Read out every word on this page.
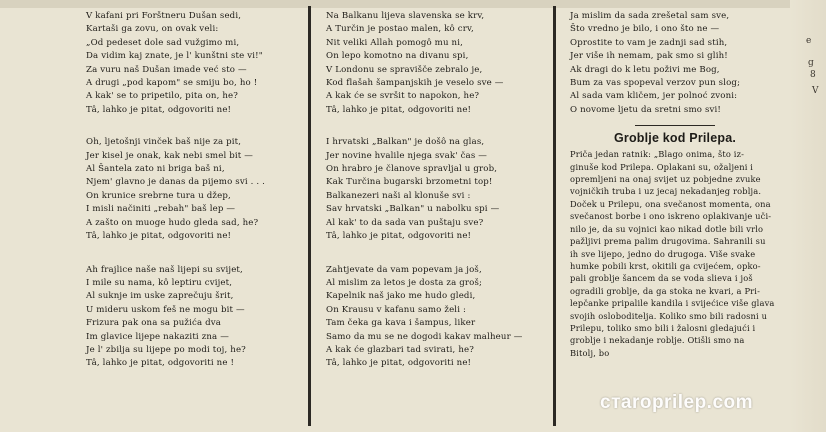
V kafani pri Forštneru Dušan sedi,
Kartaši ga zovu, on ovak veli:
„Od pedeset dole sad vužgimo mi,
Da vidim kaj znate, je l' kunštni ste vi!"
Za vuru naš Dušan imade već sto —
A drugi „pod kapom" se smiju bo, ho !
A kak' se to pripetilo, pita on, he?
Tâ, lahko je pitat, odgovoriti ne!
Oh, ljetošnji vinček baš nije za pit,
Jer kisel je onak, kak nebi smel bit —
Al Šantela zato ni briga baš ni,
Njem' glavno je danas da pijemo svi . . .
On krunice srebrne tura u džep,
I misli načiniti „rebah" baš lep —
A zašto on muoge hudo gleda sad, he?
Tâ, lahko je pitat, odgovoriti ne!
Ah frajlice naše naš lijepi su svijet,
I mile su nama, kô leptiru cvijet,
Al suknje im uske zaprečuju šrit,
U mideru uskom feš ne mogu bit —
Frizura pak ona sa pužića dva
Im glavice lijepe nakaziti zna —
Je l' zbilja su lijepe po modi toj, he?
Tâ, lahko je pitat, odgovoriti ne !
Na Balkanu lijeva slavenska se krv,
A Turčin je postao malen, kô crv,
Nit veliki Allah pomogô mu ni,
On lepo komotno na divanu spi,
V Londonu se spravišče zebralo je,
Kod flašah šampanjskih je veselo sve —
A kak će se svršit to napokon, he?
Tâ, lahko je pitat, odgovoriti ne!
I hrvatski „Balkan" je došô na glas,
Jer novine hvalile njega svak' čas —
On hrabro je članove spravljal u grob,
Kak Turčina bugarski brzometni top!
Balkanezeri naši al klonuše svi :
Sav hrvatski „Balkan" u nabolku spi —
Al kak' to da sada van puštaju sve?
Tâ, lahko je pitat, odgovoriti ne!
Zahtjevate da vam popevam ja još,
Al mislim za letos je dosta za groš;
Kapelnik naš jako me hudo gledi,
On Krausu v kafanu samo želi :
Tam čeka ga kava i šampus, liker
Samo da mu se ne dogodi kakav malheur —
A kak će glazbari tad svirati, he?
Tâ, lahko je pitat, odgovoriti ne!
Ja mislim da sada zrešetal sam sve,
Što vredno je bilo, i ono što ne —
Oprostite to vam je zadnji sad stih,
Jer više ih nemam, pak smo si glih!
Ak dragi do k letu poživi me Bog,
Bum za vas spopeval verzov pun slog;
Al sada vam kličem, jer polnoć zvoni:
O novome ljetu da sretni smo svi!
Groblje kod Prilepa.
Priča jedan ratnik: „Blago onima, što iz-
ginuše kod Prilepa. Oplakani su, ožaljeni i
opremljeni na onaj svijet uz pobjedne zvuke
vojničkih truba i uz jecaj nekadanjeg roblja.
Doček u Prilepu, ona svečanost momenta, ona
svečanost borbe i ono iskreno oplakivanje uči-
nilo je, da su vojnici kao nikad dotle bili vrlo
pažljivi prema palim drugovima. Sahranili su
ih sve lijepo, jedno do drugoga. Više svake
humke pobili krst, okitili ga cvijećem, opko-
pali groblje šancem da se voda slieva i još
ogradili groblje, da ga stoka ne kvari, a Pri-
lepčanke pripalile kandila i svijećice više glava
svojih osloboditelja. Koliko smo bili radosni u
Prilepu, toliko smo bili i žalosni gledajući i
groblje i nekadanje roblje. Otišli smo na
Bitolj, bo
e
g
8
V
стaroprilep.com
